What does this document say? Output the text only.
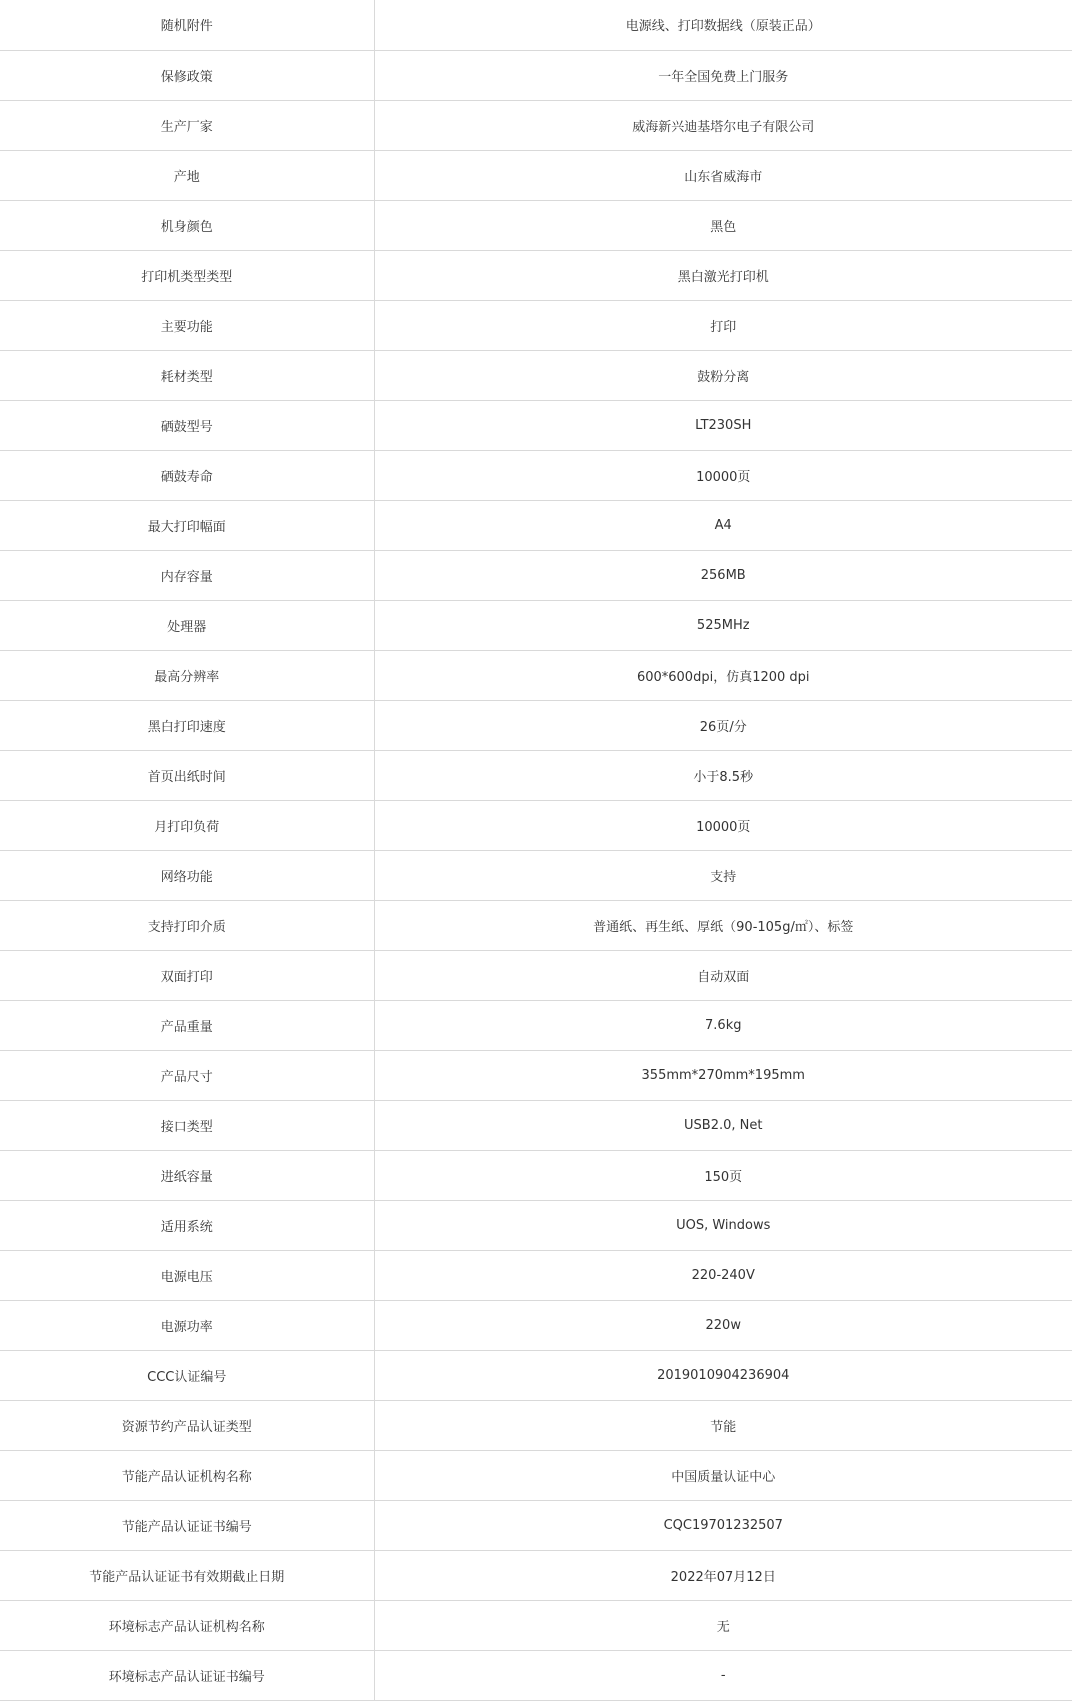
随机附件	电源线、打印数据线（原装正品）
保修政策	一年全国免费上门服务
生产厂家	威海新兴迪基塔尔电子有限公司
产地	山东省威海市
机身颜色	黑色
打印机类型类型	黑白激光打印机
主要功能	打印
耗材类型	鼓粉分离
硒鼓型号	LT230SH
硒鼓寿命	10000页
最大打印幅面	A4
内存容量	256MB
处理器	525MHz
最高分辨率	600*600dpi，仿真1200 dpi
黑白打印速度	26页/分
首页出纸时间	小于8.5秒
月打印负荷	10000页
网络功能	支持
支持打印介质	普通纸、再生纸、厚纸（90-105g/㎡）、标签
双面打印	自动双面
产品重量	7.6kg
产品尺寸	355mm*270mm*195mm
接口类型	USB2.0, Net
进纸容量	150页
适用系统	UOS, Windows
电源电压	220-240V
电源功率	220w
CCC认证编号	2019010904236904
资源节约产品认证类型	节能
节能产品认证机构名称	中国质量认证中心
节能产品认证证书编号	CQC19701232507
节能产品认证证书有效期截止日期	2022年07月12日
环境标志产品认证机构名称	无
环境标志产品认证证书编号	-
